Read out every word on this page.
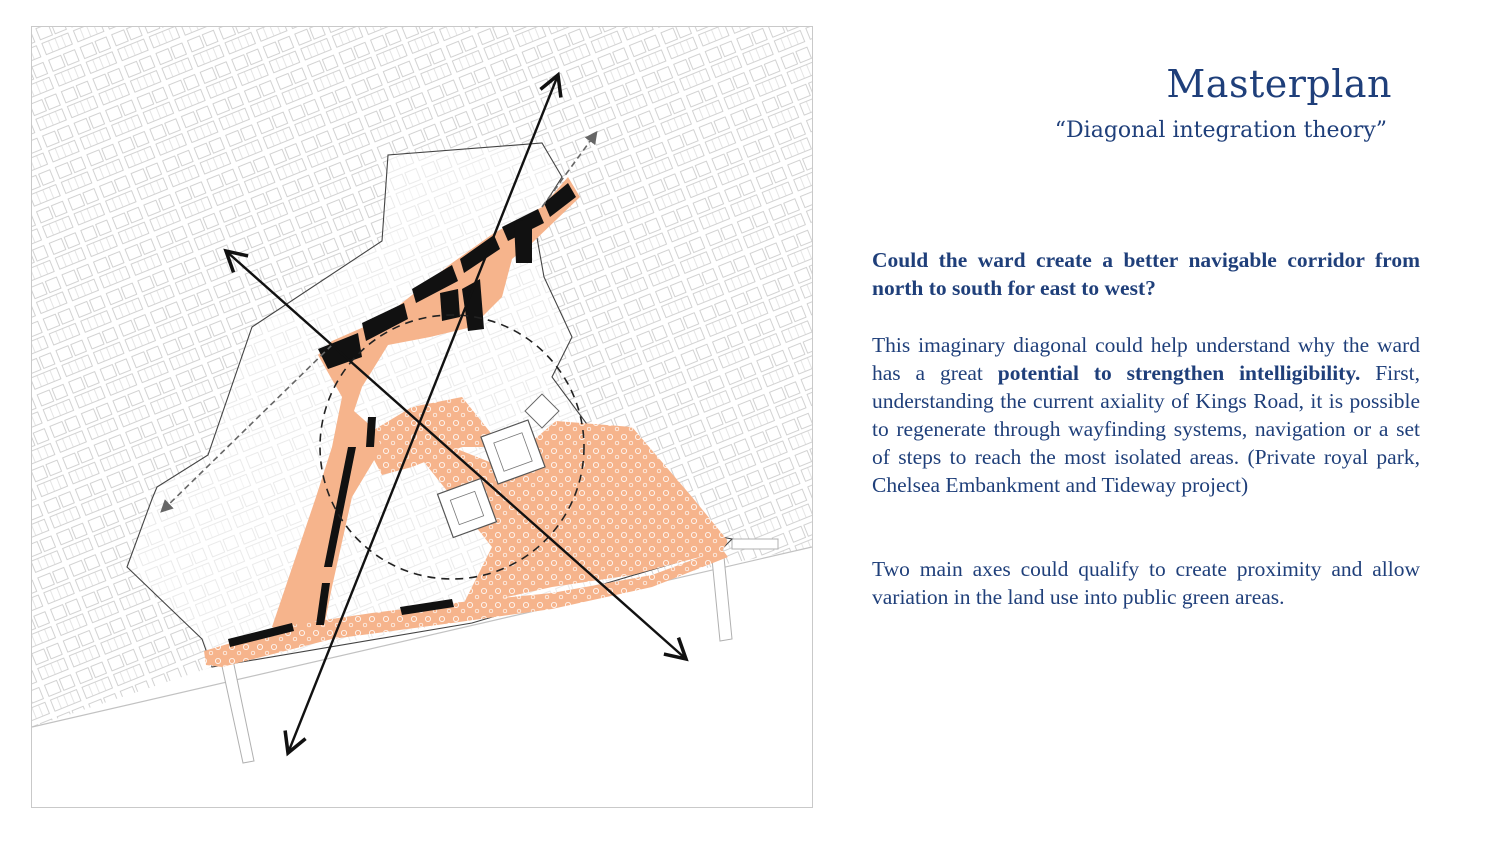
Masterplan

“Diagonal integration theory”

Could the ward create a better navigable corridor from north to south for east to west?

This imaginary diagonal could help understand why the ward has a great potential to strengthen intelligibility. First, understanding the current axiality of Kings Road, it is possible to regenerate through wayfinding systems, navigation or a set of steps to reach the most isolated areas. (Private royal park, Chelsea Embankment and Tideway project)

Two main axes could qualify to create proximity and allow variation in the land use into public green areas.
